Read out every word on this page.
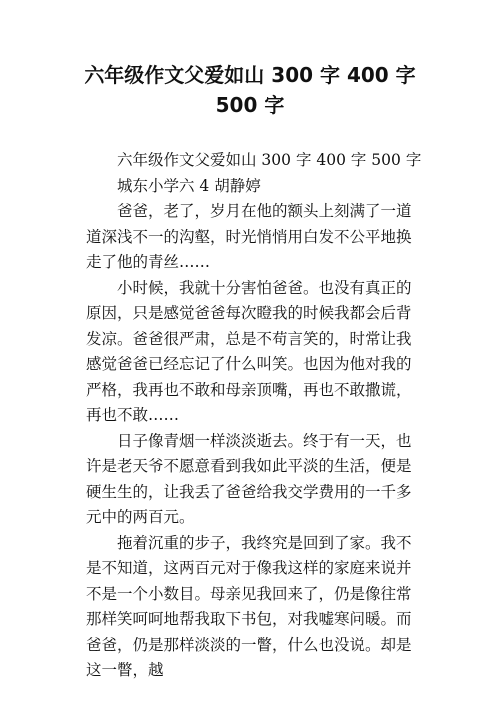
六年级作文父爱如山 300 字 400 字
500 字

六年级作文父爱如山 300 字 400 字 500 字

城东小学六 4 胡静婷

爸爸，老了，岁月在他的额头上刻满了一道道深浅不一的沟壑，时光悄悄用白发不公平地换走了他的青丝……

小时候，我就十分害怕爸爸。也没有真正的原因，只是感觉爸爸每次瞪我的时候我都会后背发凉。爸爸很严肃，总是不苟言笑的，时常让我感觉爸爸已经忘记了什么叫笑。也因为他对我的严格，我再也不敢和母亲顶嘴，再也不敢撒谎，再也不敢……

日子像青烟一样淡淡逝去。终于有一天，也许是老天爷不愿意看到我如此平淡的生活，便是硬生生的，让我丢了爸爸给我交学费用的一千多元中的两百元。

拖着沉重的步子，我终究是回到了家。我不是不知道，这两百元对于像我这样的家庭来说并不是一个小数目。母亲见我回来了，仍是像往常那样笑呵呵地帮我取下书包，对我嘘寒问暖。而爸爸，仍是那样淡淡的一瞥，什么也没说。却是这一瞥，越
